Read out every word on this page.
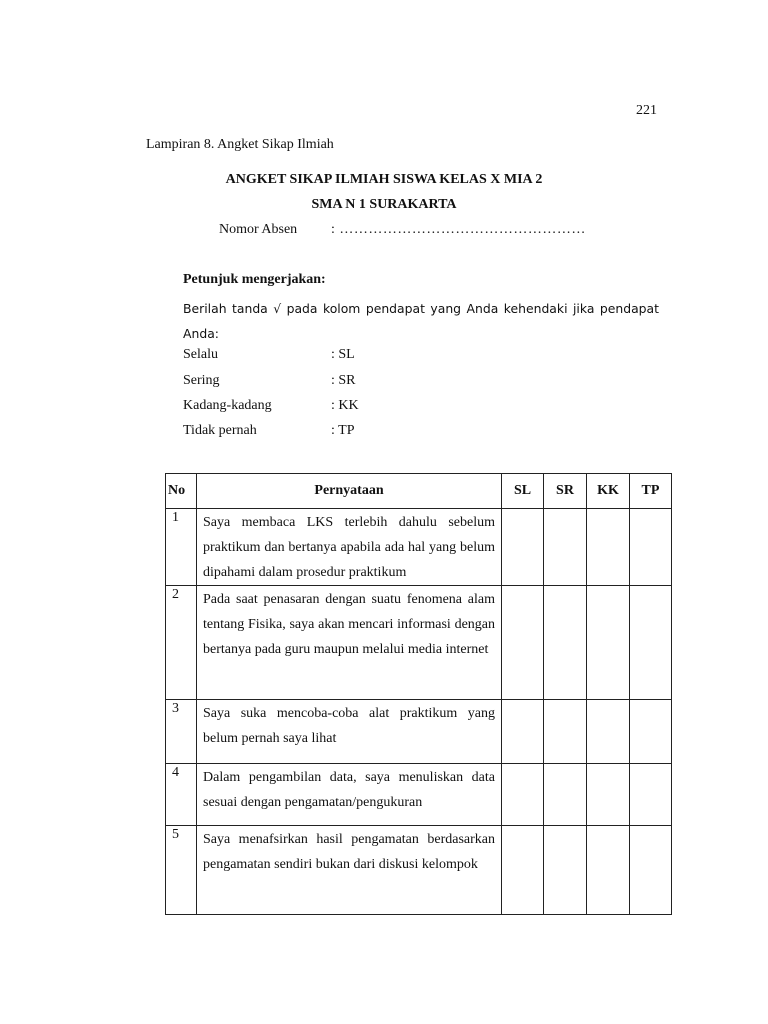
221
Lampiran 8. Angket Sikap Ilmiah
ANGKET SIKAP ILMIAH SISWA KELAS X MIA 2
SMA N 1 SURAKARTA
Nomor Absen : ……………………………………………
Petunjuk mengerjakan:
Berilah tanda √ pada kolom pendapat yang Anda kehendaki jika pendapat Anda:
Selalu	: SL
Sering	: SR
Kadang-kadang	: KK
Tidak pernah	: TP
No	Pernyataan	SL	SR	KK	TP
1	Saya membaca LKS terlebih dahulu sebelum praktikum dan bertanya apabila ada hal yang belum dipahami dalam prosedur praktikum				
2	Pada saat penasaran dengan suatu fenomena alam tentang Fisika, saya akan mencari informasi dengan bertanya pada guru maupun melalui media internet				
3	Saya suka mencoba-coba alat praktikum yang belum pernah saya lihat				
4	Dalam pengambilan data, saya menuliskan data sesuai dengan pengamatan/pengukuran				
5	Saya menafsirkan hasil pengamatan berdasarkan pengamatan sendiri bukan dari diskusi kelompok				
